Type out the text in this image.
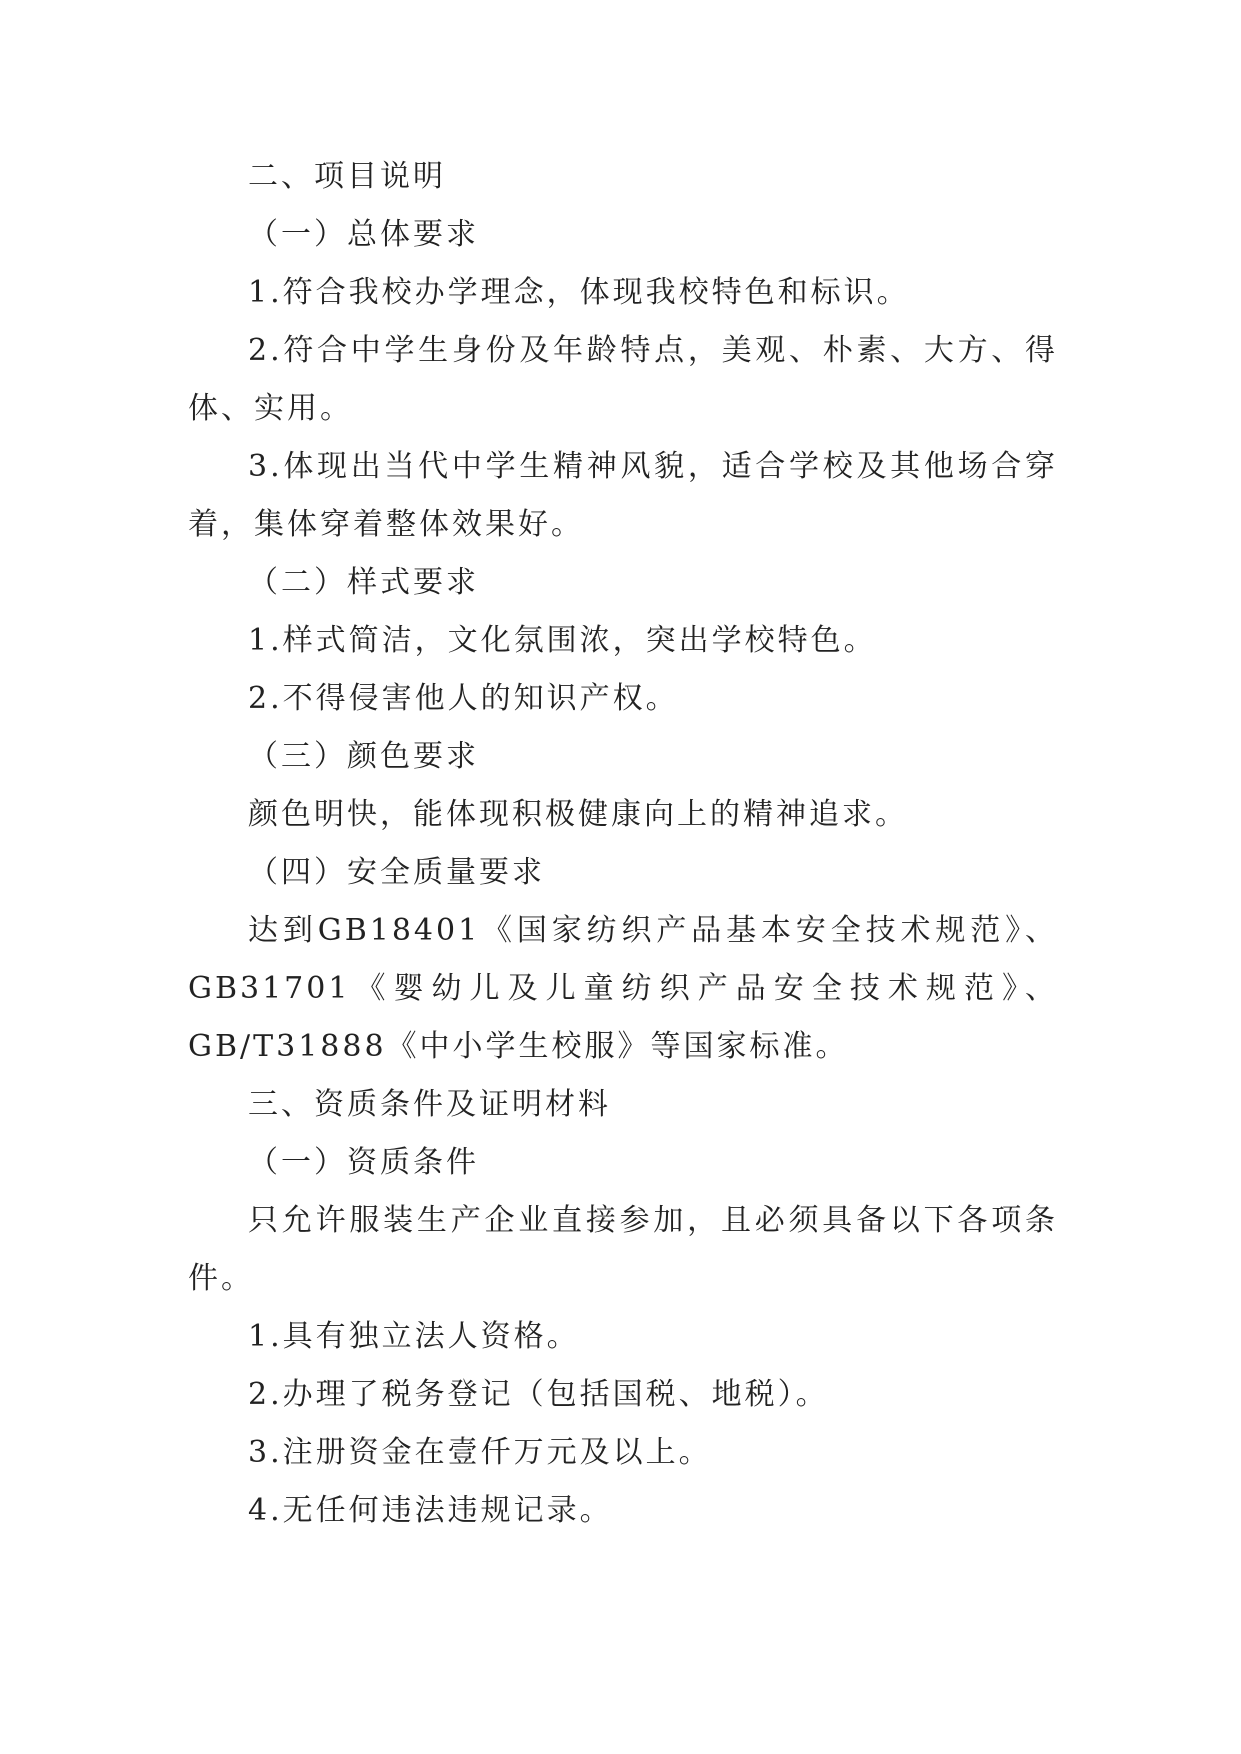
二、项目说明

（一）总体要求

1.符合我校办学理念，体现我校特色和标识。

2.符合中学生身份及年龄特点，美观、朴素、大方、得体、实用。

3.体现出当代中学生精神风貌，适合学校及其他场合穿着，集体穿着整体效果好。

（二）样式要求

1.样式简洁，文化氛围浓，突出学校特色。

2.不得侵害他人的知识产权。

（三）颜色要求

颜色明快，能体现积极健康向上的精神追求。

（四）安全质量要求

达到GB18401《国家纺织产品基本安全技术规范》、GB31701《婴幼儿及儿童纺织产品安全技术规范》、GB/T31888《中小学生校服》等国家标准。

三、资质条件及证明材料

（一）资质条件

只允许服装生产企业直接参加，且必须具备以下各项条件。

1.具有独立法人资格。

2.办理了税务登记（包括国税、地税）。

3.注册资金在壹仟万元及以上。

4.无任何违法违规记录。
